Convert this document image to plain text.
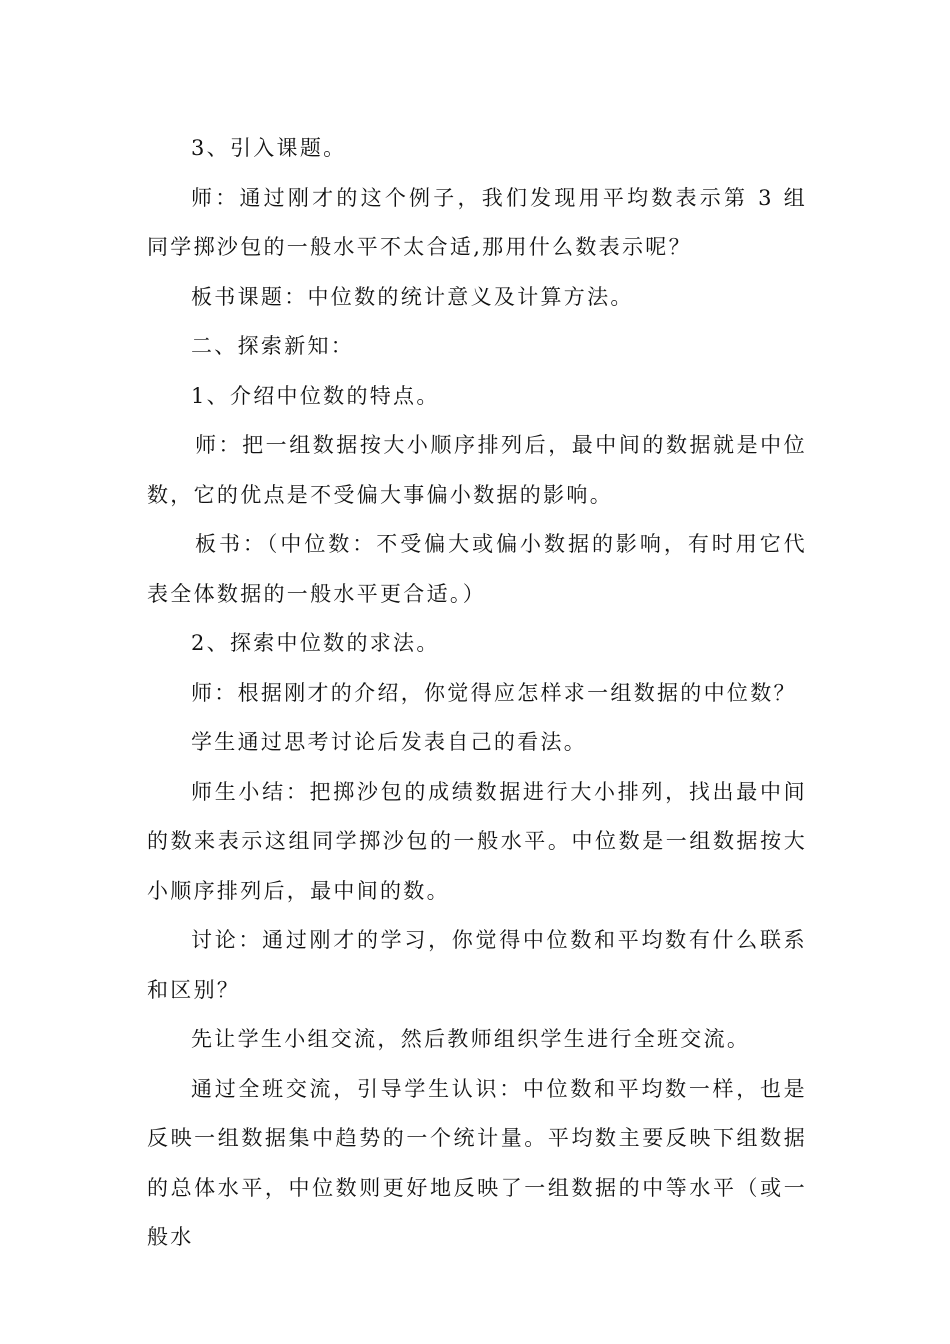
3、引入课题。

师：通过刚才的这个例子，我们发现用平均数表示第 3 组同学掷沙包的一般水平不太合适,那用什么数表示呢？

板书课题：中位数的统计意义及计算方法。

二、探索新知：

1、介绍中位数的特点。

师：把一组数据按大小顺序排列后，最中间的数据就是中位数，它的优点是不受偏大事偏小数据的影响。

板书：（中位数：不受偏大或偏小数据的影响，有时用它代表全体数据的一般水平更合适。）

2、探索中位数的求法。

师：根据刚才的介绍，你觉得应怎样求一组数据的中位数？

学生通过思考讨论后发表自己的看法。

师生小结：把掷沙包的成绩数据进行大小排列，找出最中间的数来表示这组同学掷沙包的一般水平。中位数是一组数据按大小顺序排列后，最中间的数。

讨论：通过刚才的学习，你觉得中位数和平均数有什么联系和区别？

先让学生小组交流，然后教师组织学生进行全班交流。

通过全班交流，引导学生认识：中位数和平均数一样，也是反映一组数据集中趋势的一个统计量。平均数主要反映下组数据的总体水平，中位数则更好地反映了一组数据的中等水平（或一般水
